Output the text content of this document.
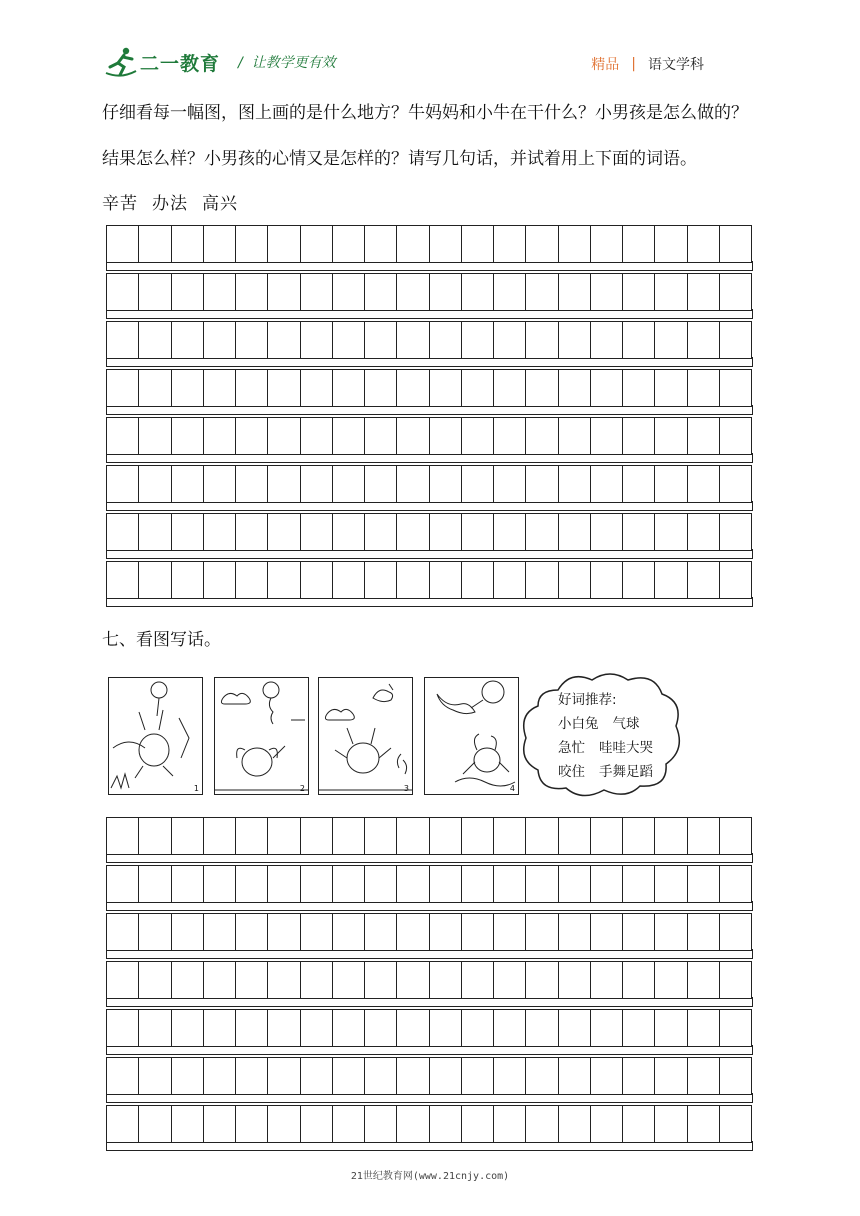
二一教育 /  让教学更有效	精品 | 语文学科
仔细看每一幅图，图上画的是什么地方？牛妈妈和小牛在干什么？小男孩是怎么做的？
结果怎么样？小男孩的心情又是怎样的？请写几句话，并试着用上下面的词语。
辛苦 办法 高兴
七、看图写话。
1	2	3	4
好词推荐:
小白兔 气球
急忙 哇哇大哭
咬住 手舞足蹈
21世纪教育网(www.21cnjy.com)
